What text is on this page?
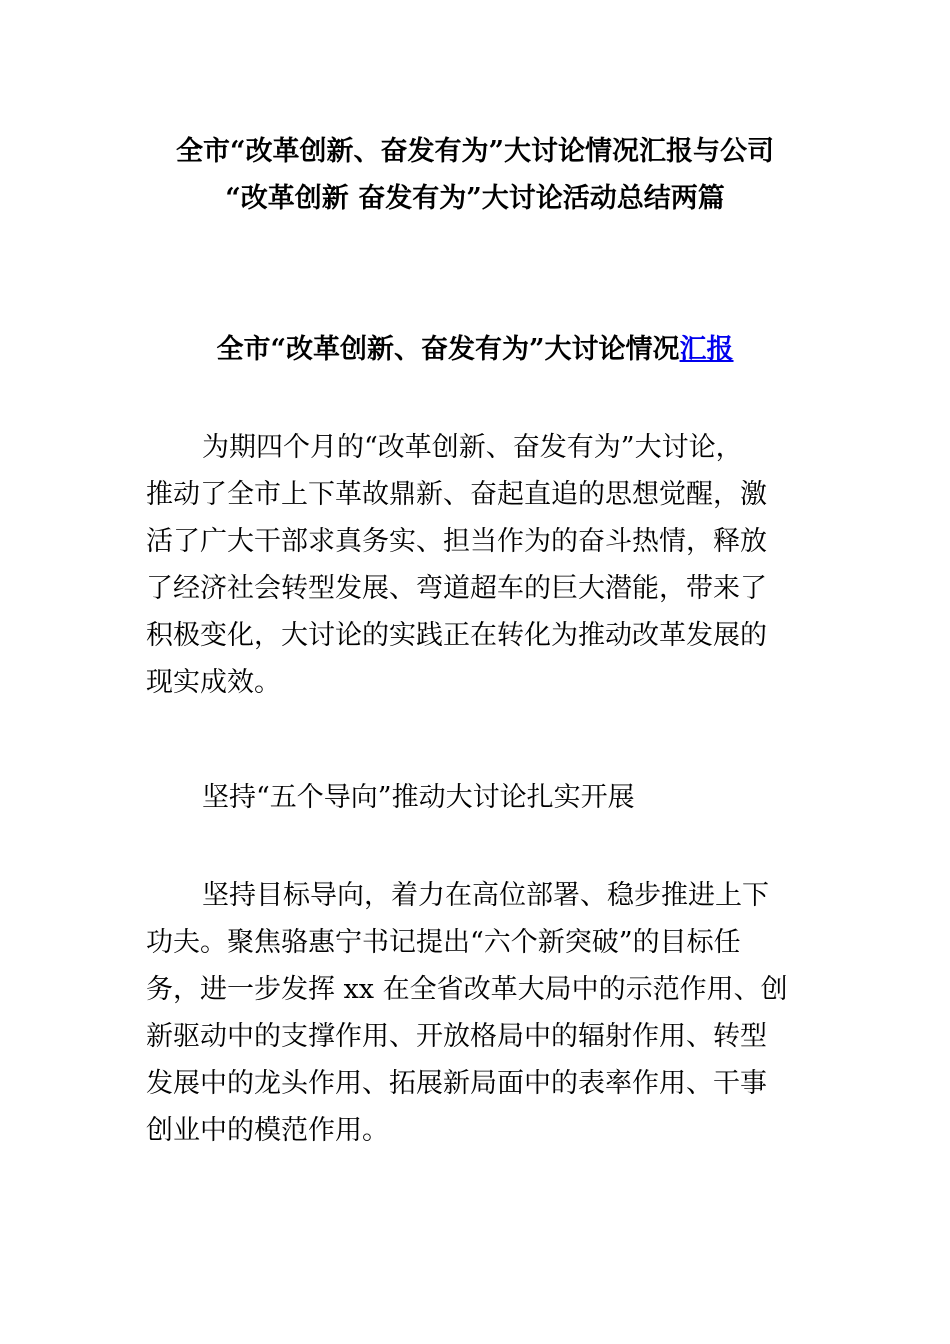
全市“改革创新、奋发有为”大讨论情况汇报与公司
“改革创新 奋发有为”大讨论活动总结两篇
全市“改革创新、奋发有为”大讨论情况汇报

为期四个月的“改革创新、奋发有为”大讨论，
推动了全市上下革故鼎新、奋起直追的思想觉醒，激
活了广大干部求真务实、担当作为的奋斗热情，释放
了经济社会转型发展、弯道超车的巨大潜能，带来了
积极变化，大讨论的实践正在转化为推动改革发展的
现实成效。

坚持“五个导向”推动大讨论扎实开展

坚持目标导向，着力在高位部署、稳步推进上下
功夫。聚焦骆惠宁书记提出“六个新突破”的目标任
务，进一步发挥 xx 在全省改革大局中的示范作用、创
新驱动中的支撑作用、开放格局中的辐射作用、转型
发展中的龙头作用、拓展新局面中的表率作用、干事
创业中的模范作用。
